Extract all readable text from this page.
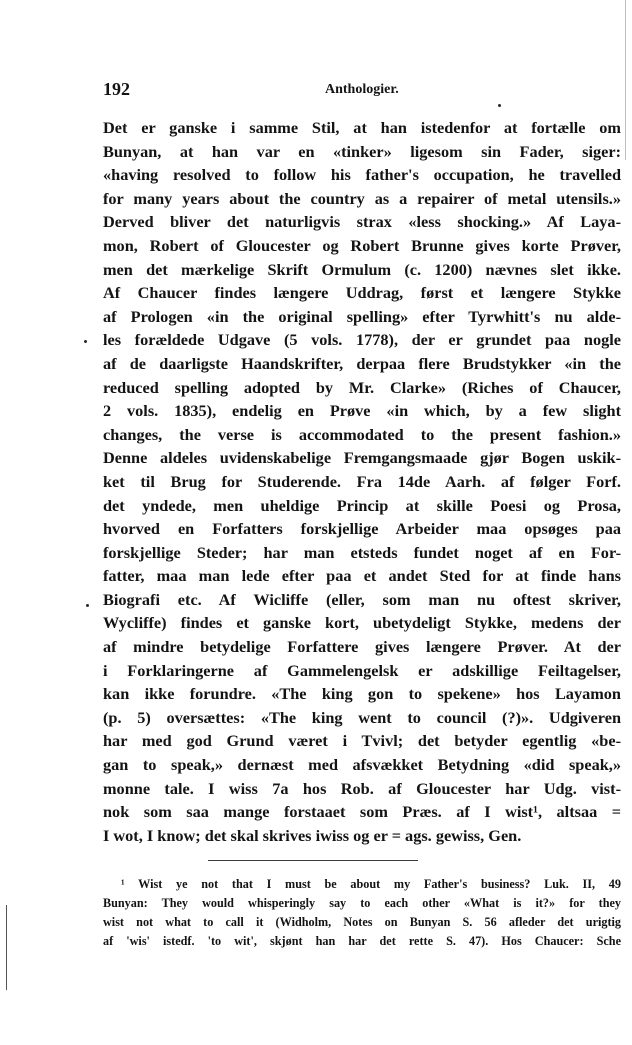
192	Anthologier.
Det er ganske i samme Stil, at han istedenfor at fortælle om
Bunyan, at han var en «tinker» ligesom sin Fader, siger:
«having resolved to follow his father's occupation, he travelled
for many years about the country as a repairer of metal utensils.»
Derved bliver det naturligvis strax «less shocking.» Af Laya-
mon, Robert of Gloucester og Robert Brunne gives korte Prøver,
men det mærkelige Skrift Ormulum (c. 1200) nævnes slet ikke.
Af Chaucer findes længere Uddrag, først et længere Stykke
af Prologen «in the original spelling» efter Tyrwhitt's nu alde-
les forældede Udgave (5 vols. 1778), der er grundet paa nogle
af de daarligste Haandskrifter, derpaa flere Brudstykker «in the
reduced spelling adopted by Mr. Clarke» (Riches of Chaucer,
2 vols. 1835), endelig en Prøve «in which, by a few slight
changes, the verse is accommodated to the present fashion.»
Denne aldeles uvidenskabelige Fremgangsmaade gjør Bogen uskik-
ket til Brug for Studerende. Fra 14de Aarh. af følger Forf.
det yndede, men uheldige Princip at skille Poesi og Prosa,
hvorved en Forfatters forskjellige Arbeider maa opsøges paa
forskjellige Steder; har man etsteds fundet noget af en For-
fatter, maa man lede efter paa et andet Sted for at finde hans
Biografi etc. Af Wicliffe (eller, som man nu oftest skriver,
Wycliffe) findes et ganske kort, ubetydeligt Stykke, medens der
af mindre betydelige Forfattere gives længere Prøver. At der
i Forklaringerne af Gammelengelsk er adskillige Feiltagelser,
kan ikke forundre. «The king gon to spekene» hos Layamon
(p. 5) oversættes: «The king went to council (?)». Udgiveren
har med god Grund været i Tvivl; det betyder egentlig «be-
gan to speak,» dernæst med afsvækket Betydning «did speak,»
monne tale. I wiss 7a hos Rob. af Gloucester har Udg. vist-
nok som saa mange forstaaet som Præs. af I wist¹, altsaa =
I wot, I know; det skal skrives iwiss og er = ags. gewiss, Gen.
¹ Wist ye not that I must be about my Father's business? Luk. II, 49
Bunyan: They would whisperingly say to each other «What is it?» for they
wist not what to call it (Widholm, Notes on Bunyan S. 56 afleder det urigtig
af 'wis' istedf. 'to wit', skjønt han har det rette S. 47). Hos Chaucer: Sche
